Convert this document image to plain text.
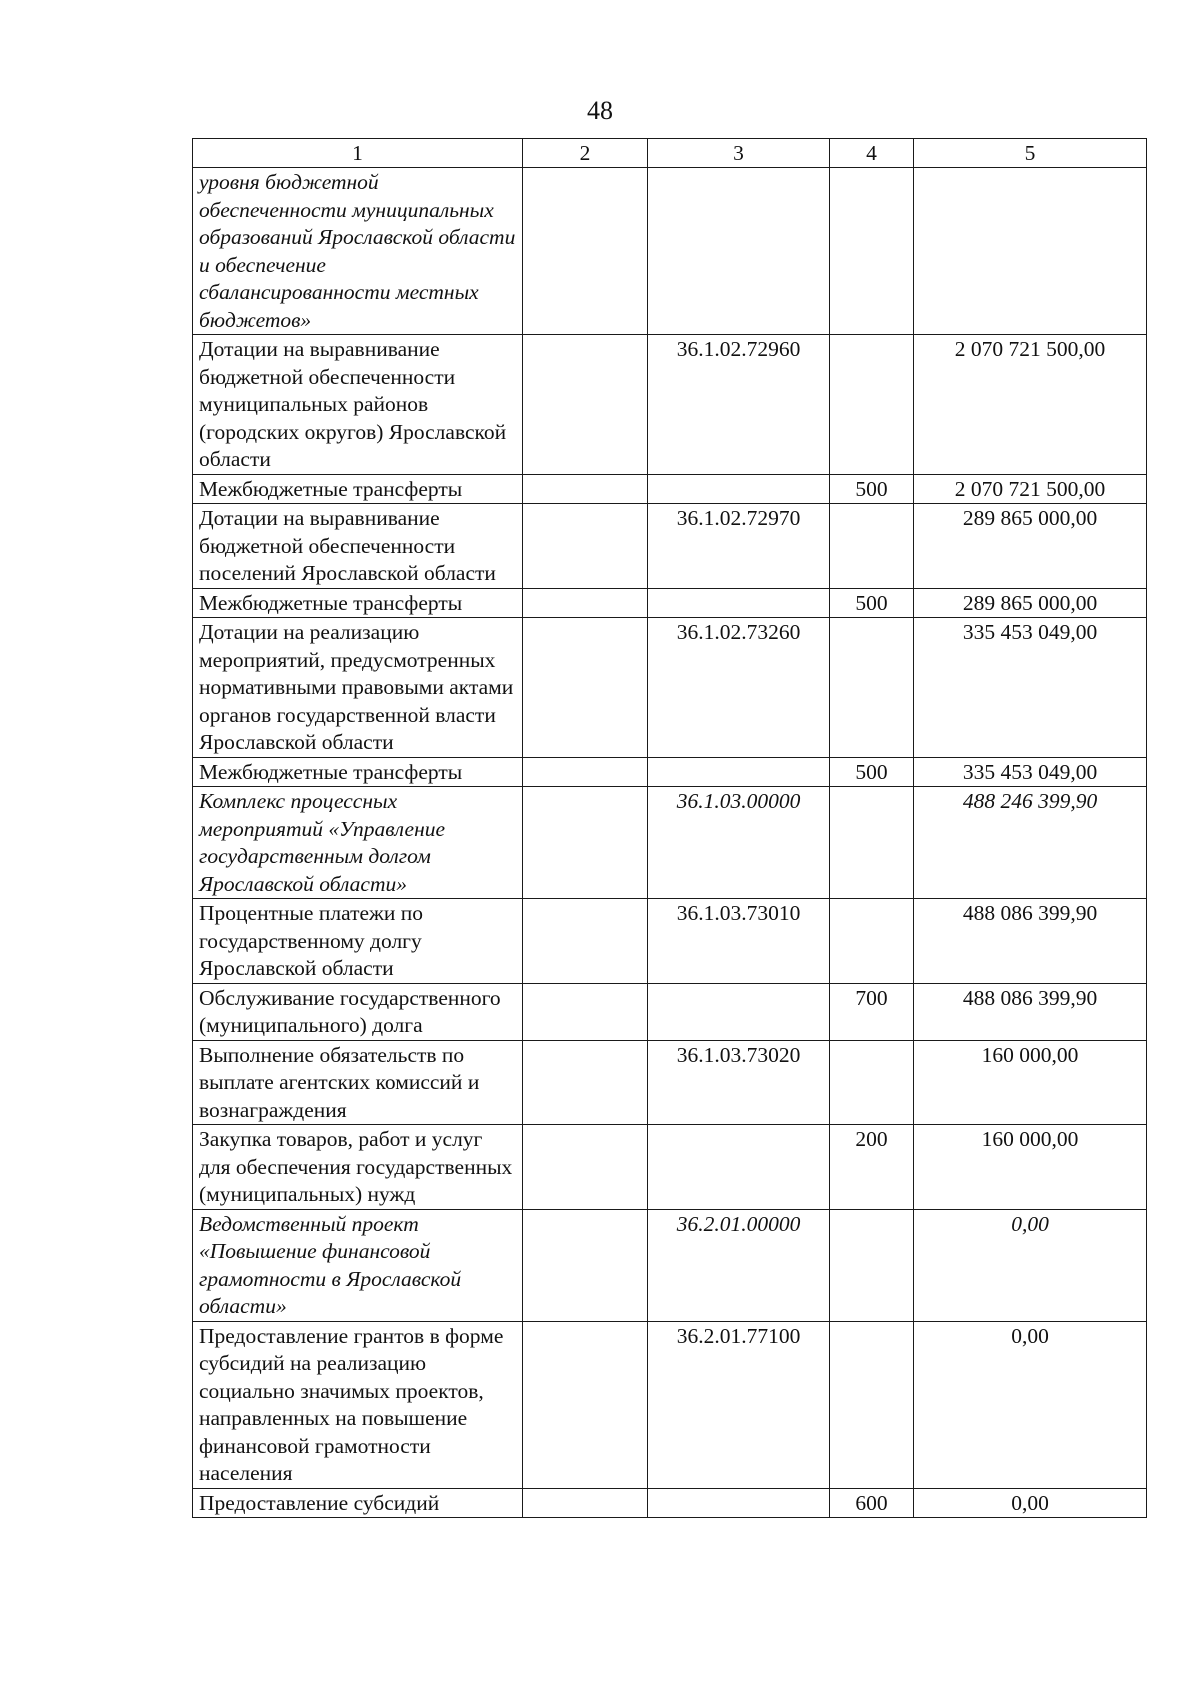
48
1	2	3	4	5
уровня бюджетной обеспеченности муниципальных образований Ярославской области и обеспечение сбалансированности местных бюджетов»				
Дотации на выравнивание бюджетной обеспеченности муниципальных районов (городских округов) Ярославской области		36.1.02.72960		2 070 721 500,00
Межбюджетные трансферты			500	2 070 721 500,00
Дотации на выравнивание бюджетной обеспеченности поселений Ярославской области		36.1.02.72970		289 865 000,00
Межбюджетные трансферты			500	289 865 000,00
Дотации на реализацию мероприятий, предусмотренных нормативными правовыми актами органов государственной власти Ярославской области		36.1.02.73260		335 453 049,00
Межбюджетные трансферты			500	335 453 049,00
Комплекс процессных мероприятий «Управление государственным долгом Ярославской области»		36.1.03.00000		488 246 399,90
Процентные платежи по государственному долгу Ярославской области		36.1.03.73010		488 086 399,90
Обслуживание государственного (муниципального) долга			700	488 086 399,90
Выполнение обязательств по выплате агентских комиссий и вознаграждения		36.1.03.73020		160 000,00
Закупка товаров, работ и услуг для обеспечения государственных (муниципальных) нужд			200	160 000,00
Ведомственный проект «Повышение финансовой грамотности в Ярославской области»		36.2.01.00000		0,00
Предоставление грантов в форме субсидий на реализацию социально значимых проектов, направленных на повышение финансовой грамотности населения		36.2.01.77100		0,00
Предоставление субсидий			600	0,00
